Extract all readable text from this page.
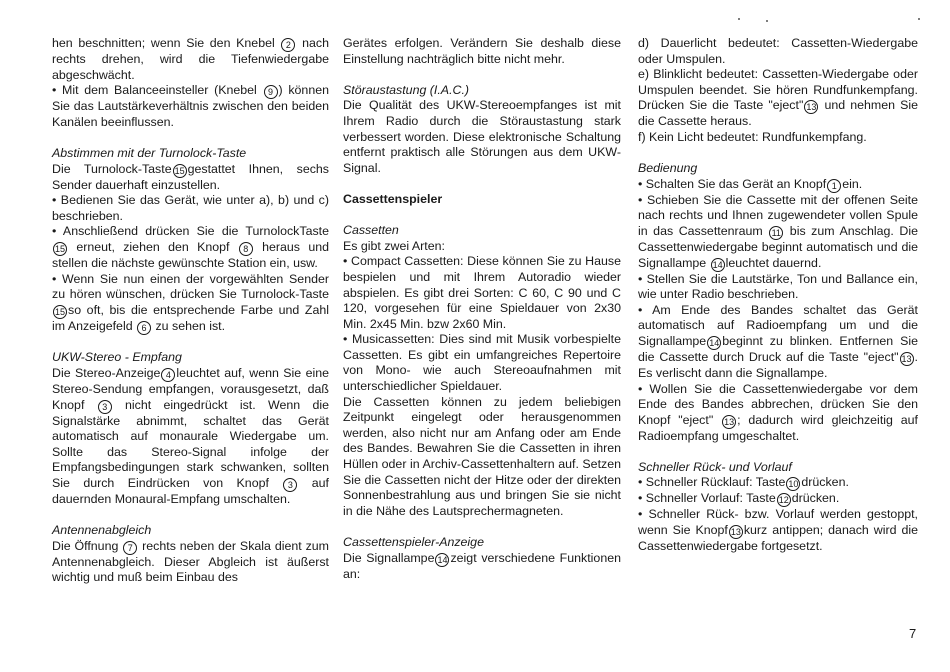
hen beschnitten; wenn Sie den Knebel 2 nach rechts drehen, wird die Tiefenwiedergabe abgeschwächt.

• Mit dem Balanceeinsteller (Knebel 9 ) können Sie das Lautstärkeverhältnis zwischen den beiden Kanälen beeinflussen.

Abstimmen mit der Turnolock-Taste

Die Turnolock-Taste 15 gestattet Ihnen, sechs Sender dauerhaft einzustellen.

• Bedienen Sie das Gerät, wie unter a), b) und c) beschrieben.

• Anschließend drücken Sie die TurnolockTaste 15 erneut, ziehen den Knopf 8 heraus und stellen die nächste gewünschte Station ein, usw.

• Wenn Sie nun einen der vorgewählten Sender zu hören wünschen, drücken Sie Turnolock-Taste15 so oft, bis die entsprechende Farbe und Zahl im Anzeigefeld 6 zu sehen ist.

UKW-Stereo - Empfang

Die Stereo-Anzeige 4 leuchtet auf, wenn Sie eine Stereo-Sendung empfangen, vorausgesetzt, daß Knopf 3 nicht eingedrückt ist. Wenn die Signalstärke abnimmt, schaltet das Gerät automatisch auf monaurale Wiedergabe um. Sollte das Stereo-Signal infolge der Empfangsbedingungen stark schwanken, sollten Sie durch Eindrücken von Knopf 3 auf dauernden Monaural-Empfang umschalten.

Antennenabgleich

Die Öffnung 7 rechts neben der Skala dient zum Antennenabgleich. Dieser Abgleich ist äußerst wichtig und muß beim Einbau des

Gerätes erfolgen. Verändern Sie deshalb diese Einstellung nachträglich bitte nicht mehr.

Störaustastung (I.A.C.)

Die Qualität des UKW-Stereoempfanges ist mit Ihrem Radio durch die Störaustastung stark verbessert worden. Diese elektronische Schaltung entfernt praktisch alle Störungen aus dem UKW-Signal.

Cassettenspieler

Cassetten

Es gibt zwei Arten:

• Compact Cassetten: Diese können Sie zu Hause bespielen und mit Ihrem Autoradio wieder abspielen. Es gibt drei Sorten: C 60, C 90 und C 120, vorgesehen für eine Spieldauer von 2x30 Min. 2x45 Min. bzw 2x60 Min.

• Musicassetten: Dies sind mit Musik vorbespielte Cassetten. Es gibt ein umfangreiches Repertoire von Mono- wie auch Stereoaufnahmen mit unterschiedlicher Spieldauer.

Die Cassetten können zu jedem beliebigen Zeitpunkt eingelegt oder herausgenommen werden, also nicht nur am Anfang oder am Ende des Bandes. Bewahren Sie die Cassetten in ihren Hüllen oder in Archiv-Cassettenhaltern auf. Setzen Sie die Cassetten nicht der Hitze oder der direkten Sonnenbestrahlung aus und bringen Sie sie nicht in die Nähe des Lautsprechermagneten.

Cassettenspieler-Anzeige

Die Signallampe 14 zeigt verschiedene Funktionen an:

d) Dauerlicht bedeutet: Cassetten-Wiedergabe oder Umspulen.

e) Blinklicht bedeutet: Cassetten-Wiedergabe oder Umspulen beendet. Sie hören Rundfunkempfang. Drücken Sie die Taste "eject" 13 und nehmen Sie die Cassette heraus.

f) Kein Licht bedeutet: Rundfunkempfang.

Bedienung

• Schalten Sie das Gerät an Knopf 1 ein.

• Schieben Sie die Cassette mit der offenen Seite nach rechts und Ihnen zugewendeter vollen Spule in das Cassettenraum 11 bis zum Anschlag. Die Cassettenwiedergabe beginnt automatisch und die Signallampe 14 leuchtet dauernd.

• Stellen Sie die Lautstärke, Ton und Ballance ein, wie unter Radio beschrieben.

• Am Ende des Bandes schaltet das Gerät automatisch auf Radioempfang um und die Signallampe 14 beginnt zu blinken. Entfernen Sie die Cassette durch Druck auf die Taste "eject" 13 . Es verlischt dann die Signallampe.

• Wollen Sie die Cassettenwiedergabe vor dem Ende des Bandes abbrechen, drücken Sie den Knopf "eject" 13 ; dadurch wird gleichzeitig auf Radioempfang umgeschaltet.

Schneller Rück- und Vorlauf

• Schneller Rücklauf: Taste 10 drücken.

• Schneller Vorlauf: Taste 12 drücken.

• Schneller Rück- bzw. Vorlauf werden gestoppt, wenn Sie Knopf 13 kurz antippen; danach wird die Cassettenwiedergabe fortgesetzt.

7
